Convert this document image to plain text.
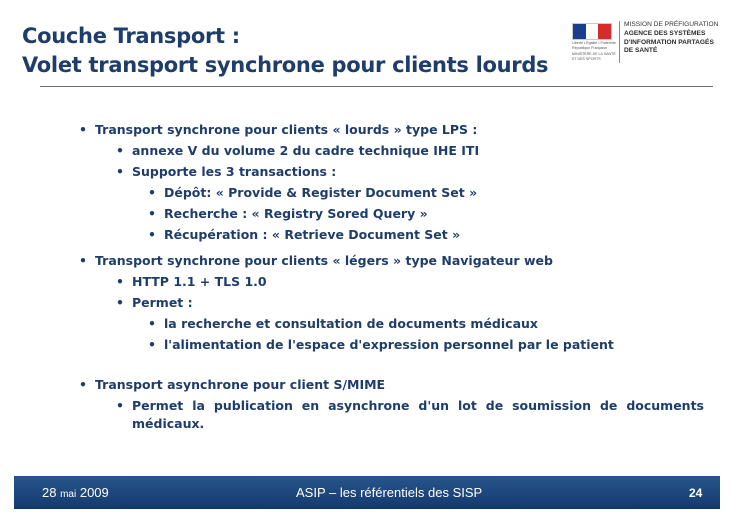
Couche Transport :
Volet transport synchrone pour clients lourds
Liberté • Égalité • Fraternité
République Française
MINISTÈRE DE LA SANTÉ
ET DES SPORTS
MISSION DE PRÉFIGURATION
AGENCE DES SYSTÈMES
D'INFORMATION PARTAGÉS
DE SANTÉ
• Transport synchrone pour clients « lourds » type LPS :
• annexe V du volume 2 du cadre technique IHE ITI
• Supporte les 3 transactions :
• Dépôt: « Provide & Register Document Set »
• Recherche : « Registry Sored Query »
• Récupération : « Retrieve Document Set »
• Transport synchrone pour clients « légers » type Navigateur web
• HTTP 1.1 + TLS 1.0
• Permet :
• la recherche et consultation de documents médicaux
• l'alimentation de l'espace d'expression personnel par le patient
• Transport asynchrone pour client S/MIME
• Permet la publication en asynchrone d'un lot de soumission de documents médicaux.
28 mai 2009	ASIP – les référentiels des SISP	24
